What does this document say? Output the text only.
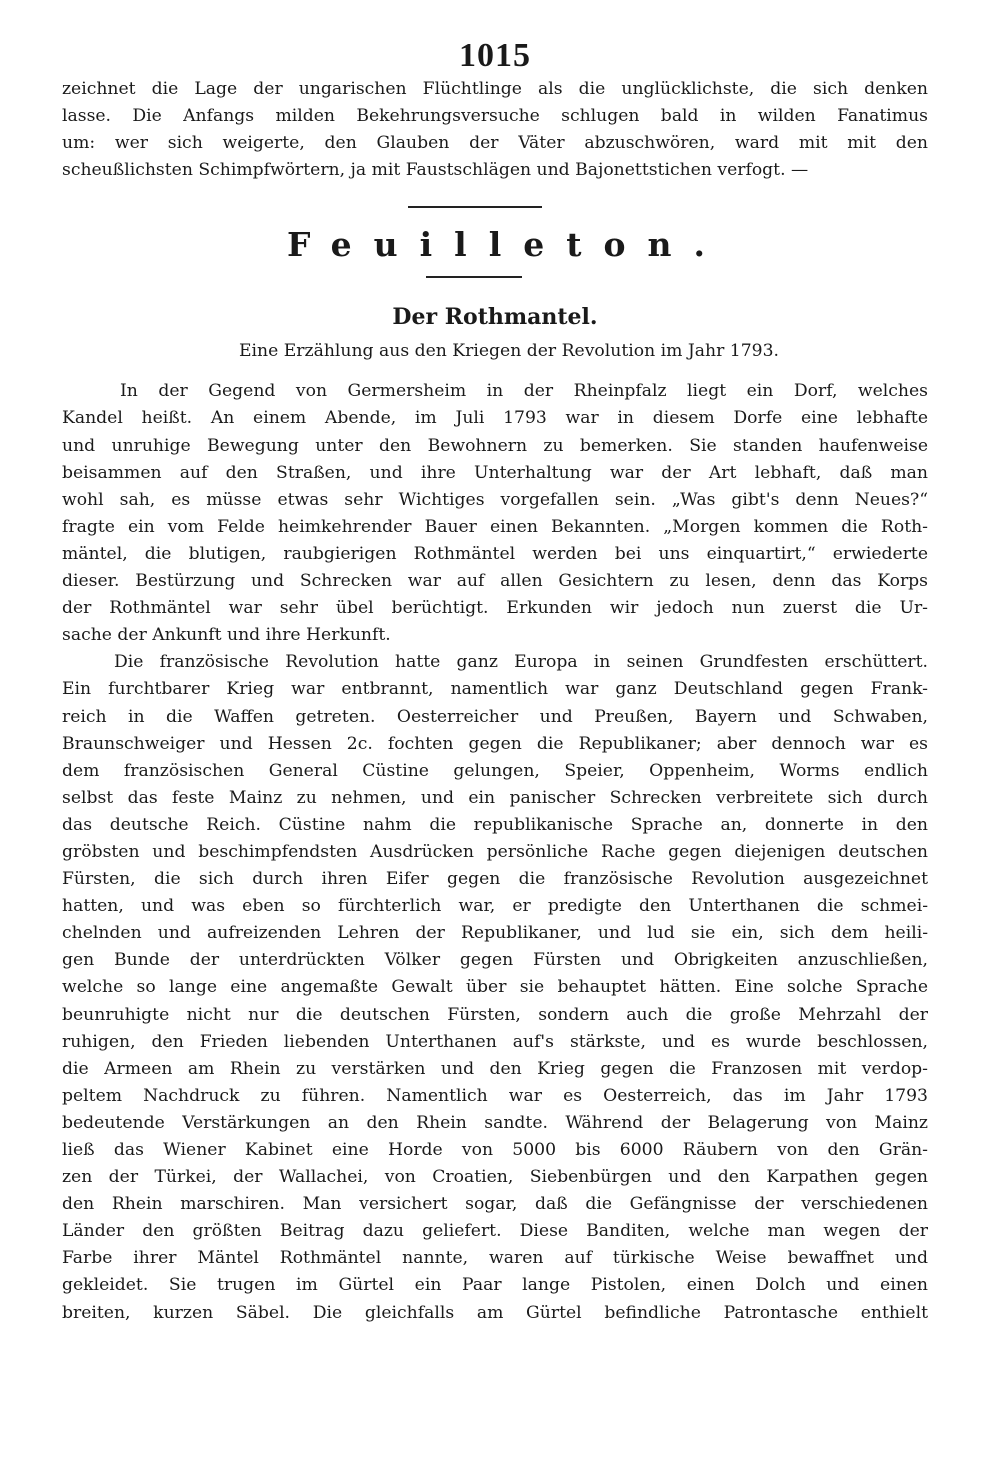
1015
zeichnet die Lage der ungarischen Flüchtlinge als die unglücklichste, die sich denken
lasse. Die Anfangs milden Bekehrungsversuche schlugen bald in wilden Fanatimus
um: wer sich weigerte, den Glauben der Väter abzuschwören, ward mit mit den
scheußlichsten Schimpfwörtern, ja mit Faustschlägen und Bajonettstichen verfogt. —
Feuilleton.
Der Rothmantel.
Eine Erzählung aus den Kriegen der Revolution im Jahr 1793.
In der Gegend von Germersheim in der Rheinpfalz liegt ein Dorf, welches
Kandel heißt. An einem Abende, im Juli 1793 war in diesem Dorfe eine lebhafte
und unruhige Bewegung unter den Bewohnern zu bemerken. Sie standen haufenweise
beisammen auf den Straßen, und ihre Unterhaltung war der Art lebhaft, daß man
wohl sah, es müsse etwas sehr Wichtiges vorgefallen sein. „Was gibt's denn Neues?“
fragte ein vom Felde heimkehrender Bauer einen Bekannten. „Morgen kommen die Roth-
mäntel, die blutigen, raubgierigen Rothmäntel werden bei uns einquartirt,“ erwiederte
dieser. Bestürzung und Schrecken war auf allen Gesichtern zu lesen, denn das Korps
der Rothmäntel war sehr übel berüchtigt. Erkunden wir jedoch nun zuerst die Ur-
sache der Ankunft und ihre Herkunft.
Die französische Revolution hatte ganz Europa in seinen Grundfesten erschüttert.
Ein furchtbarer Krieg war entbrannt, namentlich war ganz Deutschland gegen Frank-
reich in die Waffen getreten. Oesterreicher und Preußen, Bayern und Schwaben,
Braunschweiger und Hessen 2c. fochten gegen die Republikaner; aber dennoch war es
dem französischen General Cüstine gelungen, Speier, Oppenheim, Worms endlich
selbst das feste Mainz zu nehmen, und ein panischer Schrecken verbreitete sich durch
das deutsche Reich. Cüstine nahm die republikanische Sprache an, donnerte in den
gröbsten und beschimpfendsten Ausdrücken persönliche Rache gegen diejenigen deutschen
Fürsten, die sich durch ihren Eifer gegen die französische Revolution ausgezeichnet
hatten, und was eben so fürchterlich war, er predigte den Unterthanen die schmei-
chelnden und aufreizenden Lehren der Republikaner, und lud sie ein, sich dem heili-
gen Bunde der unterdrückten Völker gegen Fürsten und Obrigkeiten anzuschließen,
welche so lange eine angemaßte Gewalt über sie behauptet hätten. Eine solche Sprache
beunruhigte nicht nur die deutschen Fürsten, sondern auch die große Mehrzahl der
ruhigen, den Frieden liebenden Unterthanen auf's stärkste, und es wurde beschlossen,
die Armeen am Rhein zu verstärken und den Krieg gegen die Franzosen mit verdop-
peltem Nachdruck zu führen. Namentlich war es Oesterreich, das im Jahr 1793
bedeutende Verstärkungen an den Rhein sandte. Während der Belagerung von Mainz
ließ das Wiener Kabinet eine Horde von 5000 bis 6000 Räubern von den Grän-
zen der Türkei, der Wallachei, von Croatien, Siebenbürgen und den Karpathen gegen
den Rhein marschiren. Man versichert sogar, daß die Gefängnisse der verschiedenen
Länder den größten Beitrag dazu geliefert. Diese Banditen, welche man wegen der
Farbe ihrer Mäntel Rothmäntel nannte, waren auf türkische Weise bewaffnet und
gekleidet. Sie trugen im Gürtel ein Paar lange Pistolen, einen Dolch und einen
breiten, kurzen Säbel. Die gleichfalls am Gürtel befindliche Patrontasche enthielt
